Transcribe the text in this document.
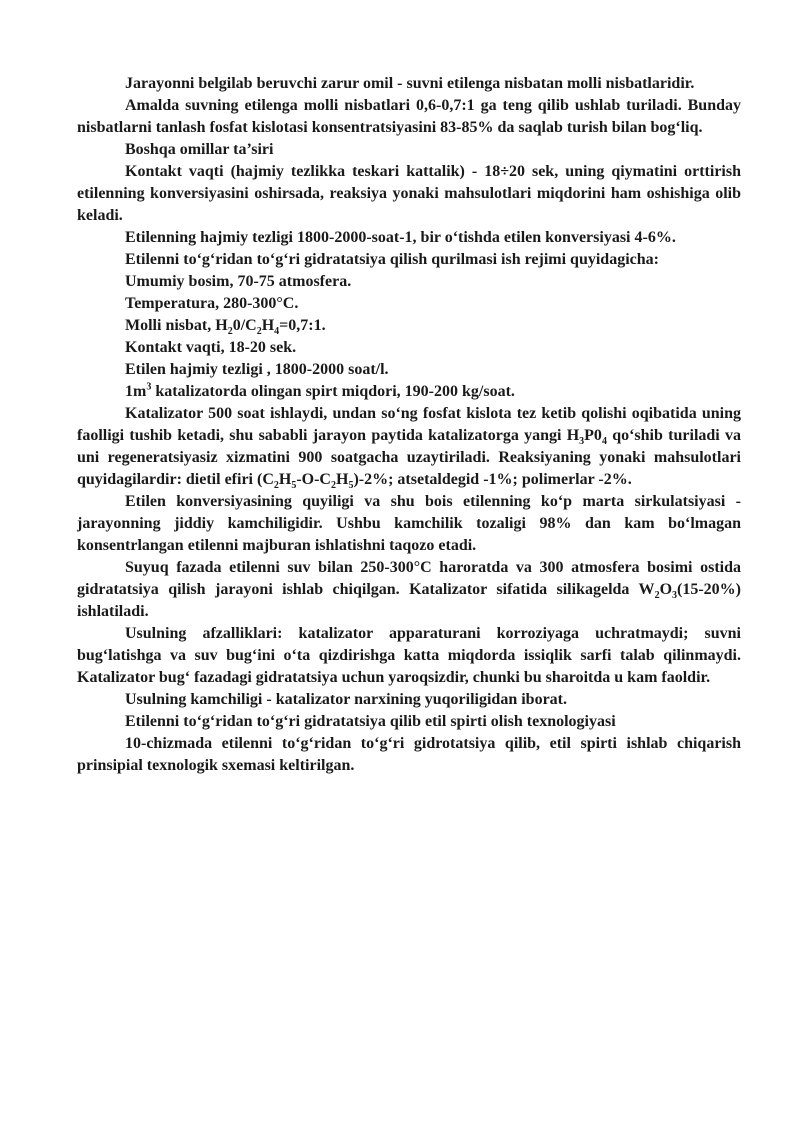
Jarayonni belgilab beruvchi zarur omil - suvni etilenga nisbatan molli nisbatlaridir.

Amalda suvning etilenga molli nisbatlari 0,6-0,7:1 ga teng qilib ushlab turiladi. Bunday nisbatlarni tanlash fosfat kislotasi konsentratsiyasini 83-85% da saqlab turish bilan bog‘liq.

Boshqa omillar ta’siri

Kontakt vaqti (hajmiy tezlikka teskari kattalik) - 18÷20 sek, uning qiymatini orttirish etilenning konversiyasini oshirsada, reaksiya yonaki mahsulotlari miqdorini ham oshishiga olib keladi.

Etilenning hajmiy tezligi 1800-2000-soat-1, bir o‘tishda etilen konversiyasi 4-6%.

Etilenni to‘g‘ridan to‘g‘ri gidratatsiya qilish qurilmasi ish rejimi quyidagicha:

Umumiy bosim, 70-75 atmosfera.

Temperatura, 280-300°C.

Molli nisbat, $H_20/C_2H_4=0,7:1$.

Kontakt vaqti, 18-20 sek.

Etilen hajmiy tezligi , 1800-2000 soat/l.

$1m^3$ katalizatorda olingan spirt miqdori, 190-200 kg/soat.

Katalizator 500 soat ishlaydi, undan so‘ng fosfat kislota tez ketib qolishi oqibatida uning faolligi tushib ketadi, shu sababli jarayon paytida katalizatorga yangi $H_3P0_4$ qo‘shib turiladi va uni regeneratsiyasiz xizmatini 900 soatgacha uzaytiriladi. Reaksiyaning yonaki mahsulotlari quyidagilardir: dietil efiri $(C_2H_5-O-C_2H_5)-2\%$; atsetaldegid -1%; polimerlar -2%.

Etilen konversiyasining quyiligi va shu bois etilenning ko‘p marta sirkulatsiyasi - jarayonning jiddiy kamchiligidir. Ushbu kamchilik tozaligi 98% dan kam bo‘lmagan konsentrlangan etilenni majburan ishlatishni taqozo etadi.

Suyuq fazada etilenni suv bilan 250-300°C haroratda va 300 atmosfera bosimi ostida gidratatsiya qilish jarayoni ishlab chiqilgan. Katalizator sifatida silikagelda $W_2O_3(15-20\%)$ ishlatiladi.

Usulning afzalliklari: katalizator apparaturani korroziyaga uchratmaydi; suvni bug‘latishga va suv bug‘ini o‘ta qizdirishga katta miqdorda issiqlik sarfi talab qilinmaydi. Katalizator bug‘ fazadagi gidratatsiya uchun yaroqsizdir, chunki bu sharoitda u kam faoldir.

Usulning kamchiligi - katalizator narxining yuqoriligidan iborat.

Etilenni to‘g‘ridan to‘g‘ri gidratatsiya qilib etil spirti olish texnologiyasi

10-chizmada etilenni to‘g‘ridan to‘g‘ri gidrotatsiya qilib, etil spirti ishlab chiqarish prinsipial texnologik sxemasi keltirilgan.
